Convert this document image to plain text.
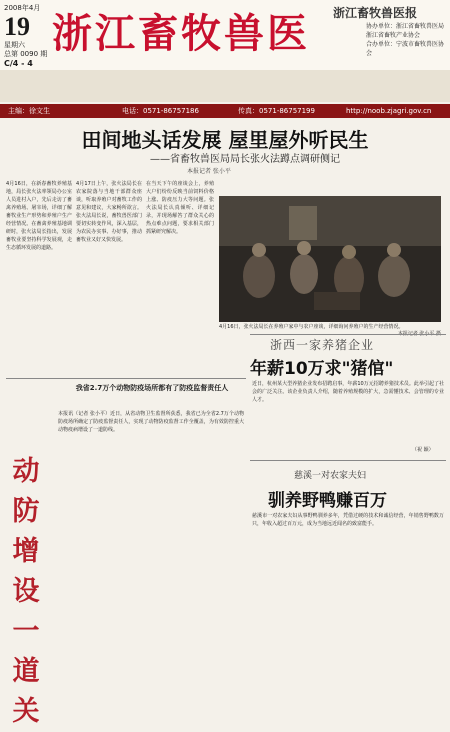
2008年4月
19
星期六
总第 0090 期
C/4 - 4
浙江畜牧兽医	浙江畜牧兽医报
协办单位：浙江省畜牧兽医局
浙江省畜牧产业协会
合办单位：宁波市畜牧兽医协会
主编：徐文生	电话：0571-86757186	传真：0571-86757199	http://noob.zjagri.gov.cn
田间地头话发展 屋里屋外听民生
——省畜牧兽医局局长张火法蹲点调研侧记
本报记者 张小平
4月16日，在新春畜牧养殖基地，局长张火法率领局办公室人员进村入户，先后走访了畜禽养殖场、屠宰场，详细了解畜牧业生产形势和养殖户生产经营情况。在畜禽养殖基地调研时，张火法局长指出，发展畜牧业要坚持科学发展观，走生态循环发展的道路。
4月17日上午，张火法局长在农家院落与当地干部群众座谈，听取养殖户对畜牧工作的意见和建议，大家畅所欲言。张火法局长说，畜牧兽医部门要切实转变作风，深入基层，为农民办实事、办好事，推动畜牧业又好又快发展。
在当天下午的座谈会上，养殖大户们纷纷反映当前饲料价格上涨、防疫压力大等问题。张火法局长认真倾听、详细记录，并现场解答了群众关心的热点难点问题，要求相关部门抓紧研究解决。
4月16日，张火法局长在养殖户家中与农户座谈，详细询问养殖户的生产经营情况。
浙西一家养猪企业
年薪10万求"猪倌"
近日，杭州某大型养猪企业发布招聘启事，年薪10万元招聘养猪技术员。此举引起了社会的广泛关注。该企业负责人介绍，随着养殖规模的扩大，急需懂技术、会管理的专业人才。
（祝 颖）
动防增设一道关
我省2.7万个动物防疫场所都有了防疫监督责任人
本报讯（记者 张小平）近日，从省动物卫生监督所获悉，我省已为全省2.7万个动物防疫场所确定了防疫监督责任人，实现了动物防疫监督工作全覆盖，为有效防控重大动物疫病增设了一道防线。
慈溪一对农家夫妇
驯养野鸭赚百万
慈溪市一对农家夫妇从事野鸭驯养多年，凭借过硬的技术和诚信经营，年销售野鸭数万只，年收入超过百万元，成为当地远近闻名的致富能手。
